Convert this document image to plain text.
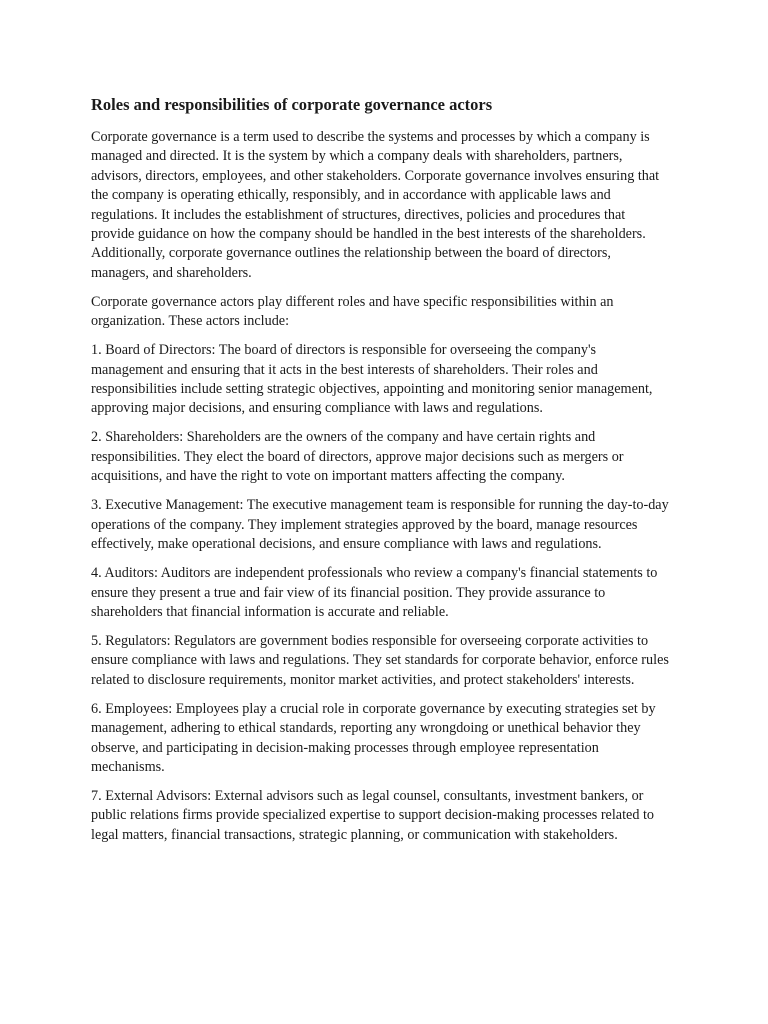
Roles and responsibilities of corporate governance actors

Corporate governance is a term used to describe the systems and processes by which a company is managed and directed. It is the system by which a company deals with shareholders, partners, advisors, directors, employees, and other stakeholders. Corporate governance involves ensuring that the company is operating ethically, responsibly, and in accordance with applicable laws and regulations. It includes the establishment of structures, directives, policies and procedures that provide guidance on how the company should be handled in the best interests of the shareholders. Additionally, corporate governance outlines the relationship between the board of directors, managers, and shareholders.

Corporate governance actors play different roles and have specific responsibilities within an organization. These actors include:

1. Board of Directors: The board of directors is responsible for overseeing the company's management and ensuring that it acts in the best interests of shareholders. Their roles and responsibilities include setting strategic objectives, appointing and monitoring senior management, approving major decisions, and ensuring compliance with laws and regulations.

2. Shareholders: Shareholders are the owners of the company and have certain rights and responsibilities. They elect the board of directors, approve major decisions such as mergers or acquisitions, and have the right to vote on important matters affecting the company.

3. Executive Management: The executive management team is responsible for running the day-to-day operations of the company. They implement strategies approved by the board, manage resources effectively, make operational decisions, and ensure compliance with laws and regulations.

4. Auditors: Auditors are independent professionals who review a company's financial statements to ensure they present a true and fair view of its financial position. They provide assurance to shareholders that financial information is accurate and reliable.

5. Regulators: Regulators are government bodies responsible for overseeing corporate activities to ensure compliance with laws and regulations. They set standards for corporate behavior, enforce rules related to disclosure requirements, monitor market activities, and protect stakeholders' interests.

6. Employees: Employees play a crucial role in corporate governance by executing strategies set by management, adhering to ethical standards, reporting any wrongdoing or unethical behavior they observe, and participating in decision-making processes through employee representation mechanisms.

7. External Advisors: External advisors such as legal counsel, consultants, investment bankers, or public relations firms provide specialized expertise to support decision-making processes related to legal matters, financial transactions, strategic planning, or communication with stakeholders.
